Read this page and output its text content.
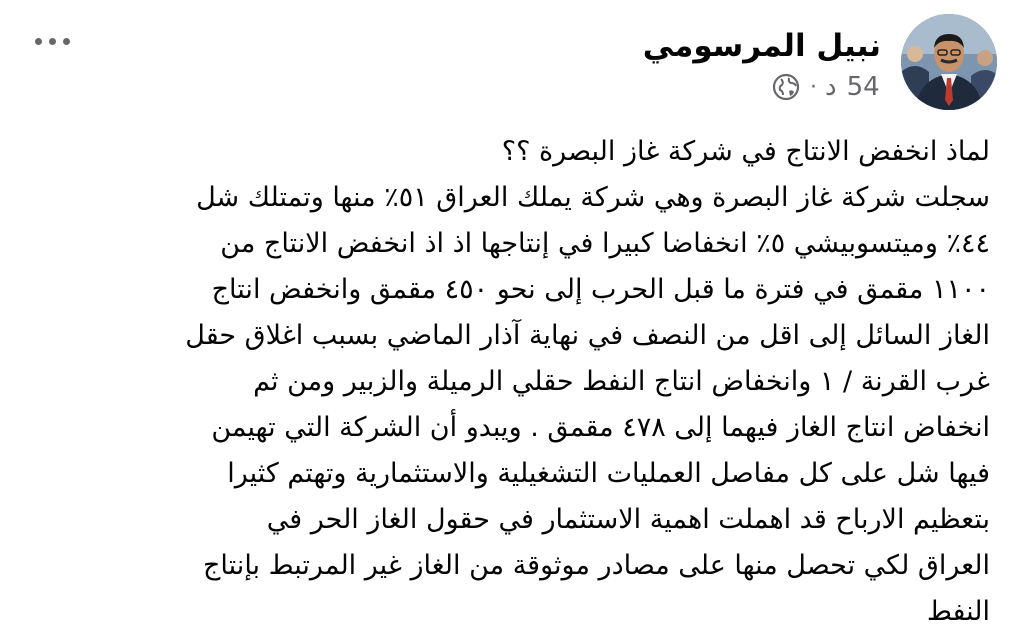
نبيل المرسومي
· د 54
لماذ انخفض الانتاج في شركة غاز البصرة ؟؟
سجلت شركة غاز البصرة وهي شركة يملك العراق ٥١٪ منها وتمتلك شل
٤٤٪ وميتسوبيشي ٥٪ انخفاضا كبيرا في إنتاجها اذ اذ انخفض الانتاج من
١١٠٠ مقمق في فترة ما قبل الحرب إلى نحو ٤٥٠ مقمق وانخفض انتاج
الغاز السائل إلى اقل من النصف في نهاية آذار الماضي بسبب اغلاق حقل
غرب القرنة / ١ وانخفاض انتاج النفط حقلي الرميلة والزبير ومن ثم
انخفاض انتاج الغاز فيهما إلى ٤٧٨ مقمق . ويبدو أن الشركة التي تهيمن
فيها شل على كل مفاصل العمليات التشغيلية والاستثمارية وتهتم كثيرا
بتعظيم الارباح قد اهملت اهمية الاستثمار في حقول الغاز الحر في
العراق لكي تحصل منها على مصادر موثوقة من الغاز غير المرتبط بإنتاج
النفط
